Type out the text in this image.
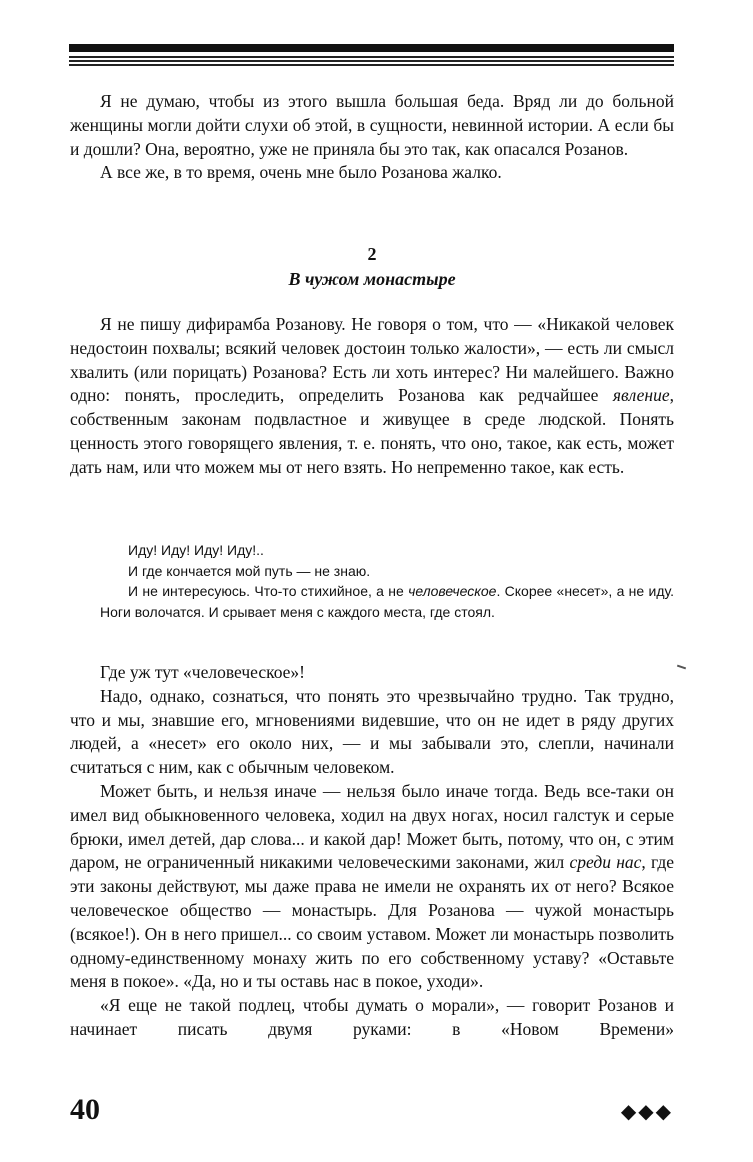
Я не думаю, чтобы из этого вышла большая беда. Вряд ли до больной женщины могли дойти слухи об этой, в сущности, невинной истории. А если бы и дошли? Она, вероятно, уже не приняла бы это так, как опасался Розанов.

А все же, в то время, очень мне было Розанова жалко.

2
В чужом монастыре

Я не пишу дифирамба Розанову. Не говоря о том, что — «Никакой человек недостоин похвалы; всякий человек достоин только жалости», — есть ли смысл хвалить (или порицать) Розанова? Есть ли хоть интерес? Ни малейшего. Важно одно: понять, проследить, определить Розанова как редчайшее явление, собственным законам подвластное и живущее в среде людской. Понять ценность этого говорящего явления, т. е. понять, что оно, такое, как есть, может дать нам, или что можем мы от него взять. Но непременно такое, как есть.

Иду! Иду! Иду! Иду!..

И где кончается мой путь — не знаю.

И не интересуюсь. Что-то стихийное, а не человеческое. Скорее «несет», а не иду. Ноги волочатся. И срывает меня с каждого места, где стоял.

Где уж тут «человеческое»!

Надо, однако, сознаться, что понять это чрезвычайно трудно. Так трудно, что и мы, знавшие его, мгновениями видевшие, что он не идет в ряду других людей, а «несет» его около них, — и мы забывали это, слепли, начинали считаться с ним, как с обычным человеком.

Может быть, и нельзя иначе — нельзя было иначе тогда. Ведь все-таки он имел вид обыкновенного человека, ходил на двух ногах, носил галстук и серые брюки, имел детей, дар слова... и какой дар! Может быть, потому, что он, с этим даром, не ограниченный никакими человеческими законами, жил среди нас, где эти законы действуют, мы даже права не имели не охранять их от него? Всякое человеческое общество — монастырь. Для Розанова — чужой монастырь (всякое!). Он в него пришел... со своим уставом. Может ли монастырь позволить одному-единственному монаху жить по его собственному уставу? «Оставьте меня в покое». «Да, но и ты оставь нас в покое, уходи».

«Я еще не такой подлец, чтобы думать о морали», — говорит Розанов и начинает писать двумя руками: в «Новом Времени»

40	◆◆◆
